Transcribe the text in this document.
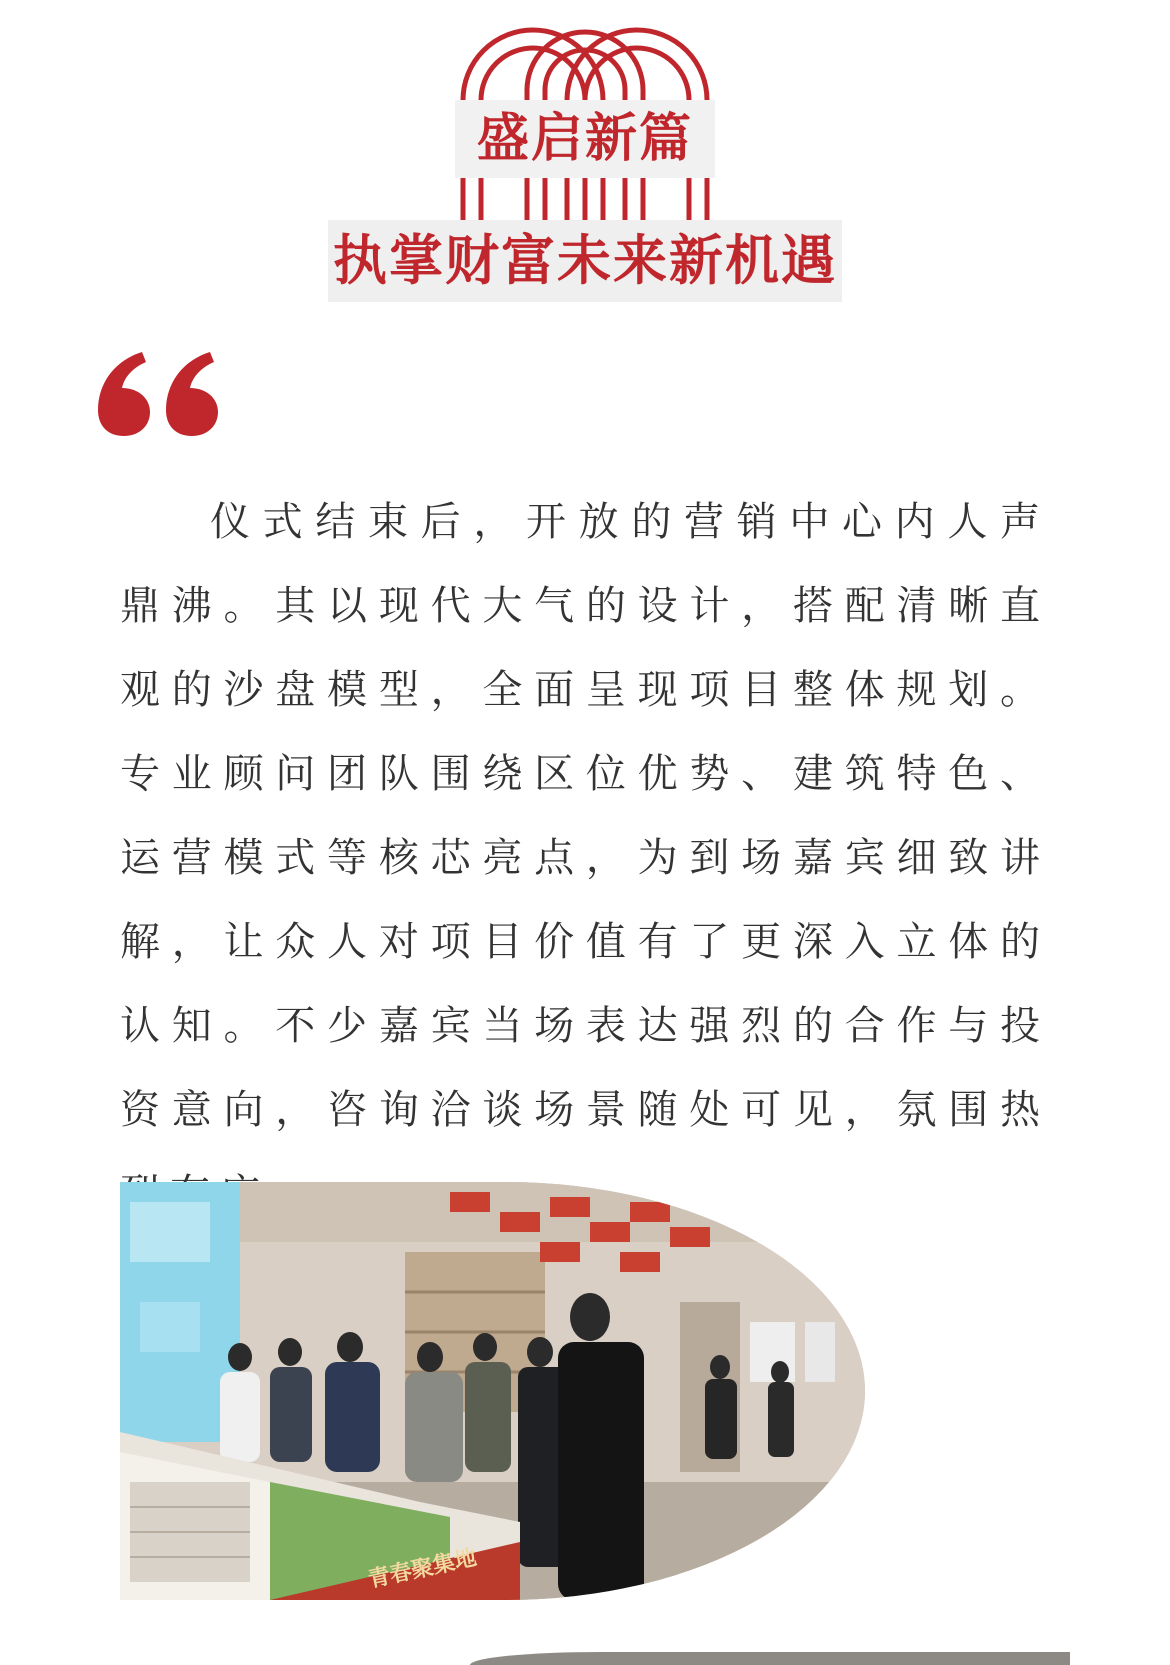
盛启新篇
执掌财富未来新机遇

仪式结束后，开放的营销中心内人声鼎沸。其以现代大气的设计，搭配清晰直观的沙盘模型，全面呈现项目整体规划。专业顾问团队围绕区位优势、建筑特色、运营模式等核芯亮点，为到场嘉宾细致讲解，让众人对项目价值有了更深入立体的认知。不少嘉宾当场表达强烈的合作与投资意向，咨询洽谈场景随处可见，氛围热

青春聚集地
